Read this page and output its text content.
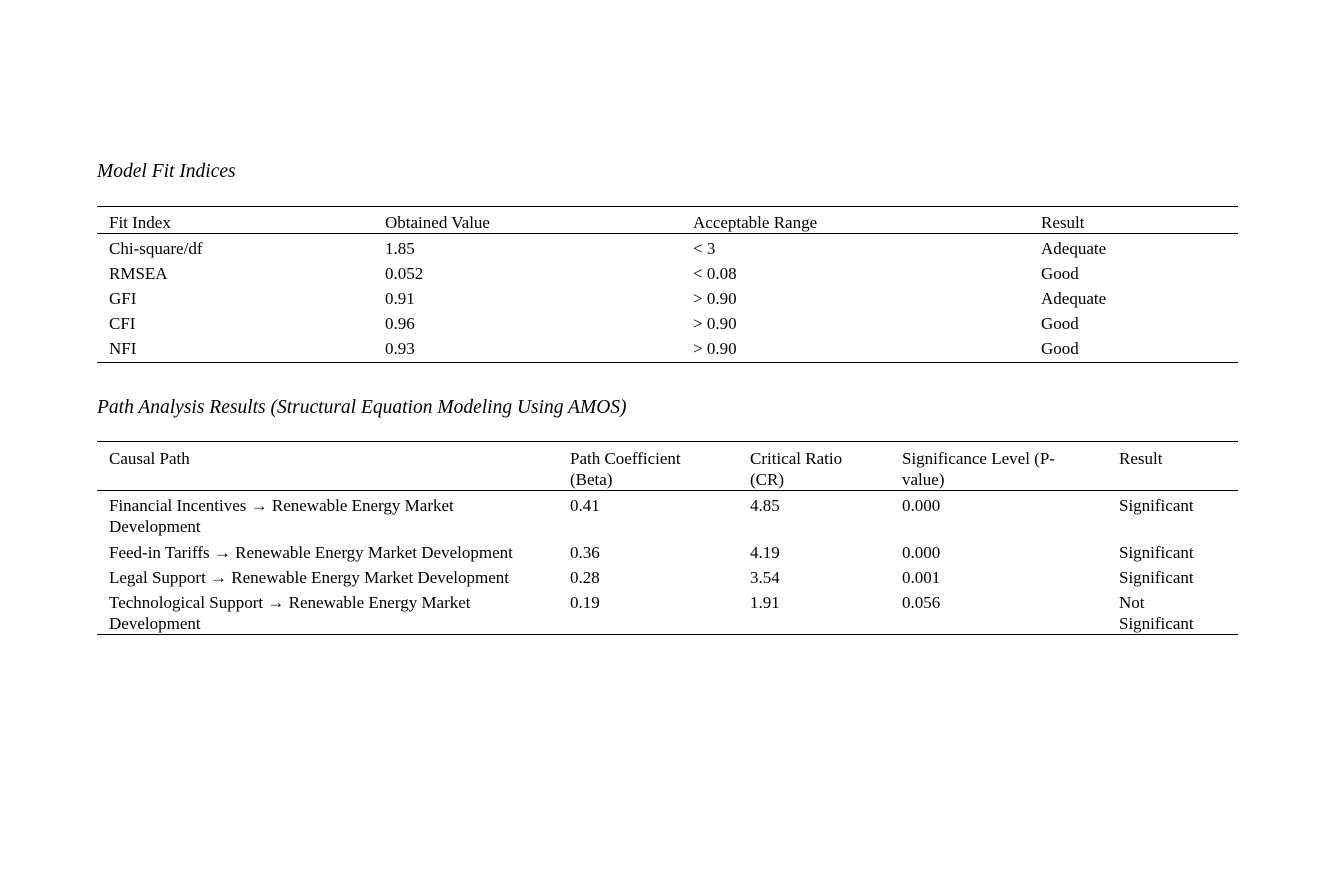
Model Fit Indices
Fit Index	Obtained Value	Acceptable Range	Result
Chi-square/df	1.85	< 3	Adequate
RMSEA	0.052	< 0.08	Good
GFI	0.91	> 0.90	Adequate
CFI	0.96	> 0.90	Good
NFI	0.93	> 0.90	Good
Path Analysis Results (Structural Equation Modeling Using AMOS)
Causal Path	Path Coefficient (Beta)	Critical Ratio (CR)	Significance Level (P-value)	Result
Financial Incentives → Renewable Energy Market Development	0.41	4.85	0.000	Significant
Feed-in Tariffs → Renewable Energy Market Development	0.36	4.19	0.000	Significant
Legal Support → Renewable Energy Market Development	0.28	3.54	0.001	Significant
Technological Support → Renewable Energy Market Development	0.19	1.91	0.056	Not Significant
